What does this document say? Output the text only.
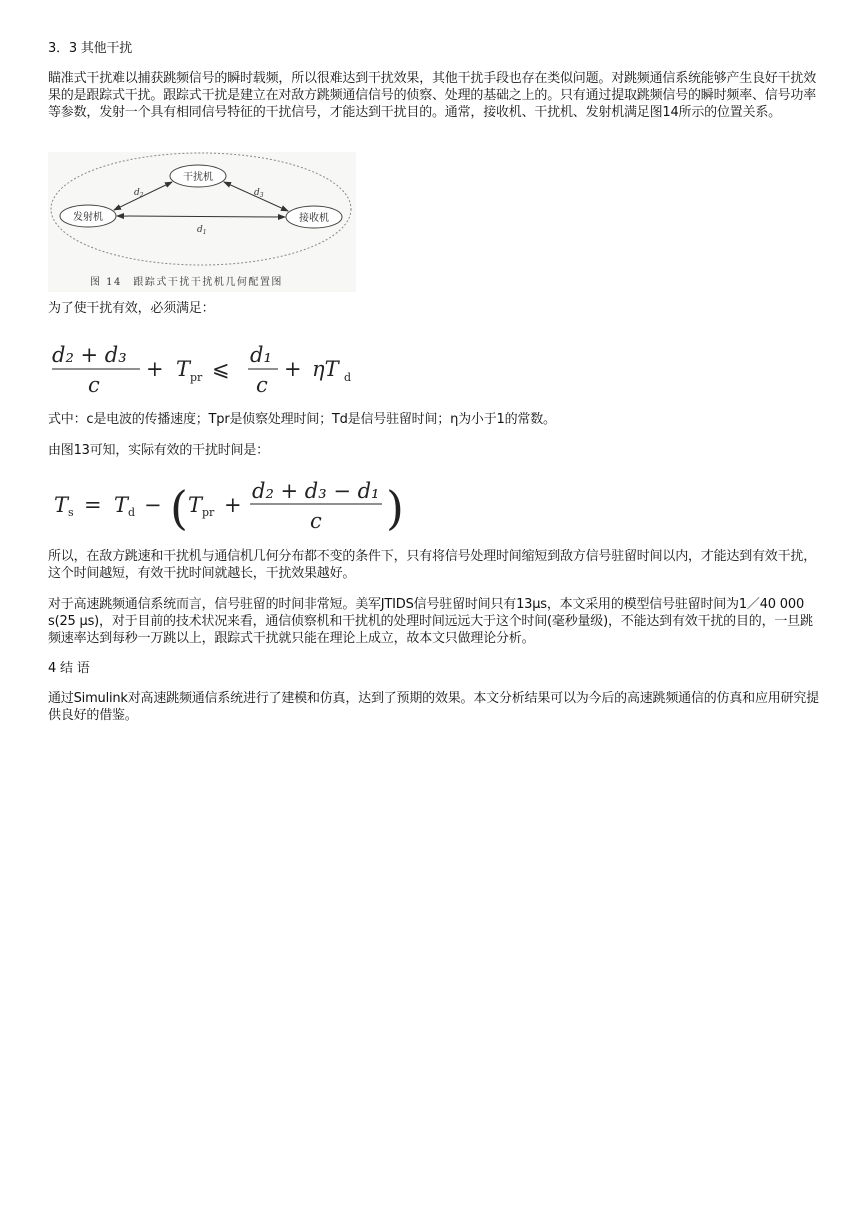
3．3 其他干扰
瞄准式干扰难以捕获跳频信号的瞬时载频，所以很难达到干扰效果，其他干扰手段也存在类似问题。对跳频通信系统能够产生良好干扰效果的是跟踪式干扰。跟踪式干扰是建立在对敌方跳频通信信号的侦察、处理的基础之上的。只有通过提取跳频信号的瞬时频率、信号功率等参数，发射一个具有相同信号特征的干扰信号，才能达到干扰目的。通常，接收机、干扰机、发射机满足图14所示的位置关系。
干扰机
发射机	接收机
$d_2$	$d_3$
$d_1$
图 14　跟踪式干扰干扰机几何配置图
为了使干扰有效，必须满足：
d₂ + d₃
c
+ T pr ⩽
d₁
c
+ ηT d
式中：c是电波的传播速度；Tpr是侦察处理时间；Td是信号驻留时间；η为小于1的常数。
由图13可知，实际有效的干扰时间是：
T s = T d − ( T pr +
d₂ + d₃ − d₁
c )
所以，在敌方跳速和干扰机与通信机几何分布都不变的条件下，只有将信号处理时间缩短到敌方信号驻留时间以内，才能达到有效干扰，这个时间越短，有效干扰时间就越长，干扰效果越好。
对于高速跳频通信系统而言，信号驻留的时间非常短。美军JTIDS信号驻留时间只有13μs，本文采用的模型信号驻留时间为1／40 000 s(25 μs)，对于目前的技术状况来看，通信侦察机和干扰机的处理时间远远大于这个时间(毫秒量级)，不能达到有效干扰的目的，一旦跳频速率达到每秒一万跳以上，跟踪式干扰就只能在理论上成立，故本文只做理论分析。
4 结 语
通过Simulink对高速跳频通信系统进行了建模和仿真，达到了预期的效果。本文分析结果可以为今后的高速跳频通信的仿真和应用研究提供良好的借鉴。
